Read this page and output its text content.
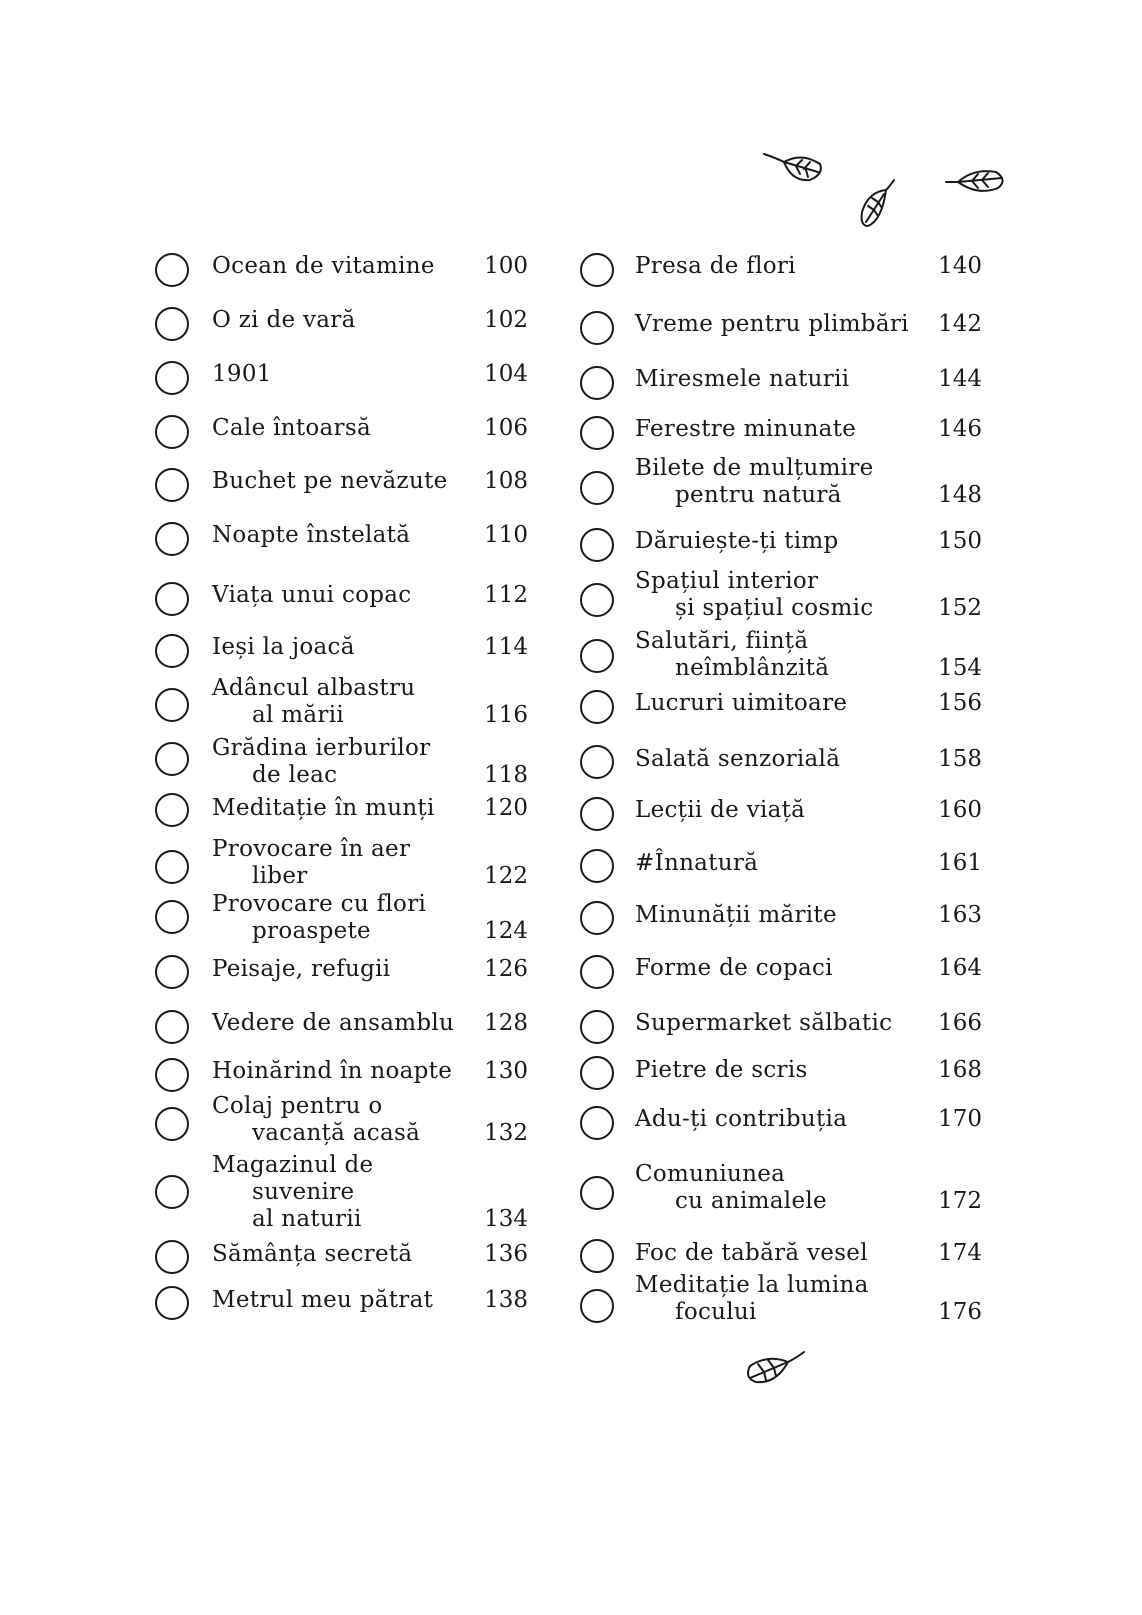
Ocean de vitamine	100
O zi de vară	102
1901	104
Cale întoarsă	106
Buchet pe nevăzute	108
Noapte înstelată	110
Viața unui copac	112
Ieși la joacă	114
Adâncul albastru
al mării	116
Grădina ierburilor
de leac	118
Meditație în munți	120
Provocare în aer
liber	122
Provocare cu flori
proaspete	124
Peisaje, refugii	126
Vedere de ansamblu	128
Hoinărind în noapte	130
Colaj pentru o
vacanță acasă	132
Magazinul de
suvenire
al naturii	134
Sămânța secretă	136
Metrul meu pătrat	138
Presa de flori	140
Vreme pentru plimbări	142
Miresmele naturii	144
Ferestre minunate	146
Bilete de mulțumire
pentru natură	148
Dăruiește-ți timp	150
Spațiul interior
și spațiul cosmic	152
Salutări, ființă
neîmblânzită	154
Lucruri uimitoare	156
Salată senzorială	158
Lecții de viață	160
#Înnatură	161
Minunății mărite	163
Forme de copaci	164
Supermarket sălbatic	166
Pietre de scris	168
Adu-ți contribuția	170
Comuniunea
cu animalele	172
Foc de tabără vesel	174
Meditație la lumina
focului	176
